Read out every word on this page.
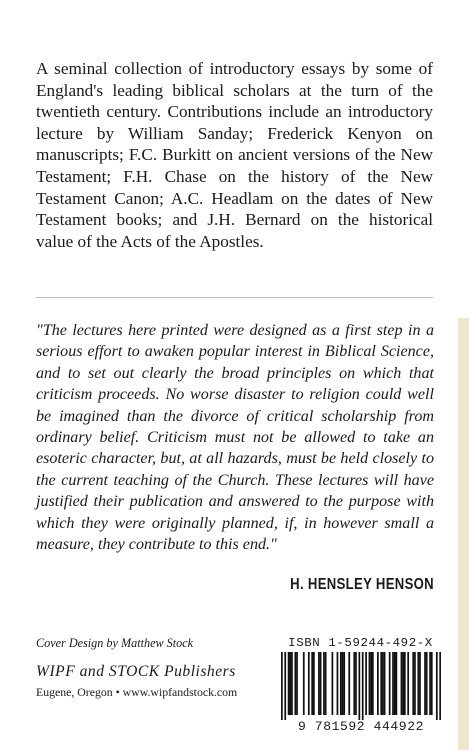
A seminal collection of introductory essays by some of England's leading biblical scholars at the turn of the twentieth century. Contributions include an introductory lecture by William Sanday; Frederick Kenyon on manuscripts; F.C. Burkitt on ancient versions of the New Testament; F.H. Chase on the history of the New Testament Canon; A.C. Headlam on the dates of New Testament books; and J.H. Bernard on the historical value of the Acts of the Apostles.

"The lectures here printed were designed as a first step in a serious effort to awaken popular interest in Biblical Science, and to set out clearly the broad principles on which that criticism proceeds. No worse disaster to religion could well be imagined than the divorce of critical scholarship from ordinary belief. Criticism must not be allowed to take an esoteric character, but, at all hazards, must be held closely to the current teaching of the Church. These lectures will have justified their publication and answered to the purpose with which they were originally planned, if, in however small a measure, they contribute to this end."

H. HENSLEY HENSON
Cover Design by Matthew Stock
WIPF and STOCK Publishers
Eugene, Oregon • www.wipfandstock.com
ISBN 1-59244-492-X
9 781592 444922
